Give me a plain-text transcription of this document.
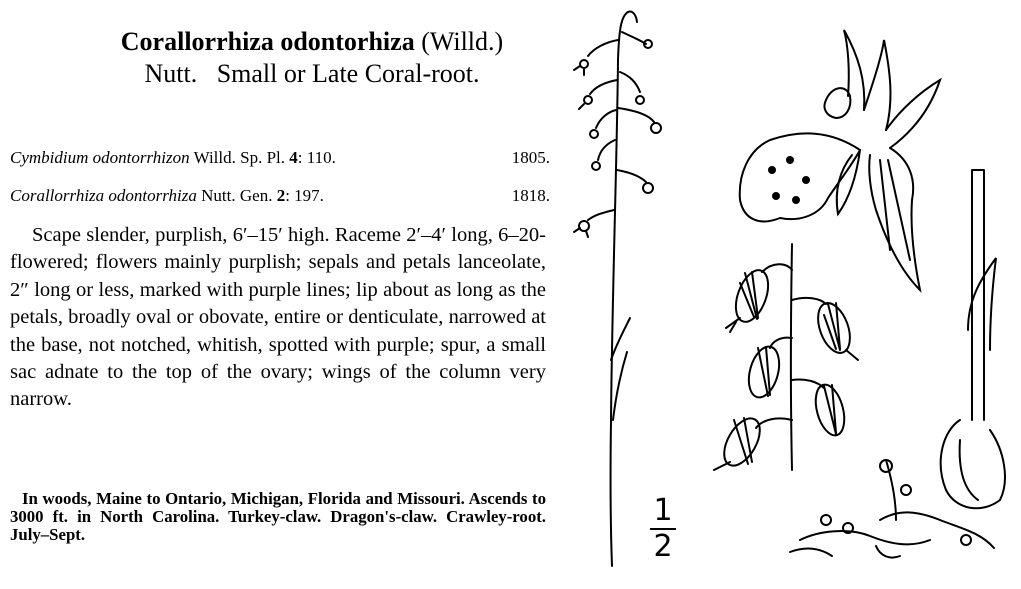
Corallorrhiza odontorhiza (Willd.)
Nutt. Small or Late Coral-root.
Cymbidium odontorrhizon Willd. Sp. Pl. 4: 110.	1805.
Corallorrhiza odontorrhiza Nutt. Gen. 2: 197.	1818.

Scape slender, purplish, 6′–15′ high. Raceme 2′–4′ long, 6–20-flowered; flowers mainly purplish; sepals and petals lanceolate, 2″ long or less, marked with purple lines; lip about as long as the petals, broadly oval or obovate, entire or denticulate, narrowed at the base, not notched, whitish, spotted with purple; spur, a small sac adnate to the top of the ovary; wings of the column very narrow.

In woods, Maine to Ontario, Michigan, Florida and Missouri. Ascends to 3000 ft. in North Carolina. Turkey-claw. Dragon's-claw. Crawley-root. July–Sept.

1
2
